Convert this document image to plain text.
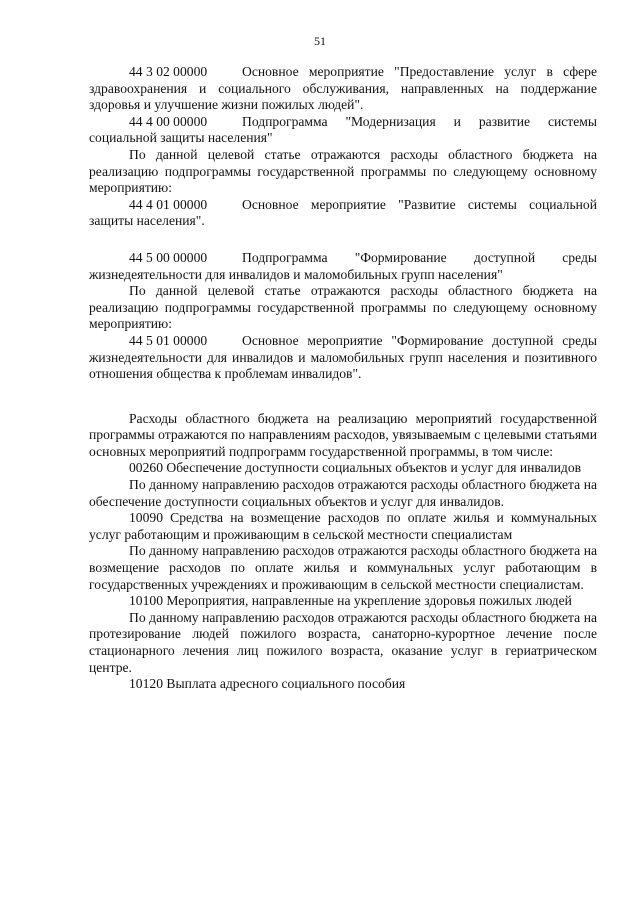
51

44 3 02 00000	Основное мероприятие "Предоставление услуг в сфере здравоохранения и социального обслуживания, направленных на поддержание здоровья и улучшение жизни пожилых людей".

44 4 00 00000	Подпрограмма "Модернизация и развитие системы социальной защиты населения"

По данной целевой статье отражаются расходы областного бюджета на реализацию подпрограммы государственной программы по следующему основному мероприятию:

44 4 01 00000	Основное мероприятие "Развитие системы социальной защиты населения".

44 5 00 00000	Подпрограмма "Формирование доступной среды жизнедеятельности для инвалидов и маломобильных групп населения"

По данной целевой статье отражаются расходы областного бюджета на реализацию подпрограммы государственной программы по следующему основному мероприятию:

44 5 01 00000	Основное мероприятие "Формирование доступной среды жизнедеятельности для инвалидов и маломобильных групп населения и позитивного отношения общества к проблемам инвалидов".

Расходы областного бюджета на реализацию мероприятий государственной программы отражаются по направлениям расходов, увязываемым с целевыми статьями основных мероприятий подпрограмм государственной программы, в том числе:

00260 Обеспечение доступности социальных объектов и услуг для инвалидов

По данному направлению расходов отражаются расходы областного бюджета на обеспечение доступности социальных объектов и услуг для инвалидов.

10090 Средства на возмещение расходов по оплате жилья и коммунальных услуг работающим и проживающим в сельской местности специалистам

По данному направлению расходов отражаются расходы областного бюджета на возмещение расходов по оплате жилья и коммунальных услуг работающим в государственных учреждениях и проживающим в сельской местности специалистам.

10100 Мероприятия, направленные на укрепление здоровья пожилых людей

По данному направлению расходов отражаются расходы областного бюджета на протезирование людей пожилого возраста, санаторно-курортное лечение после стационарного лечения лиц пожилого возраста, оказание услуг в гериатрическом центре.

10120 Выплата адресного социального пособия
